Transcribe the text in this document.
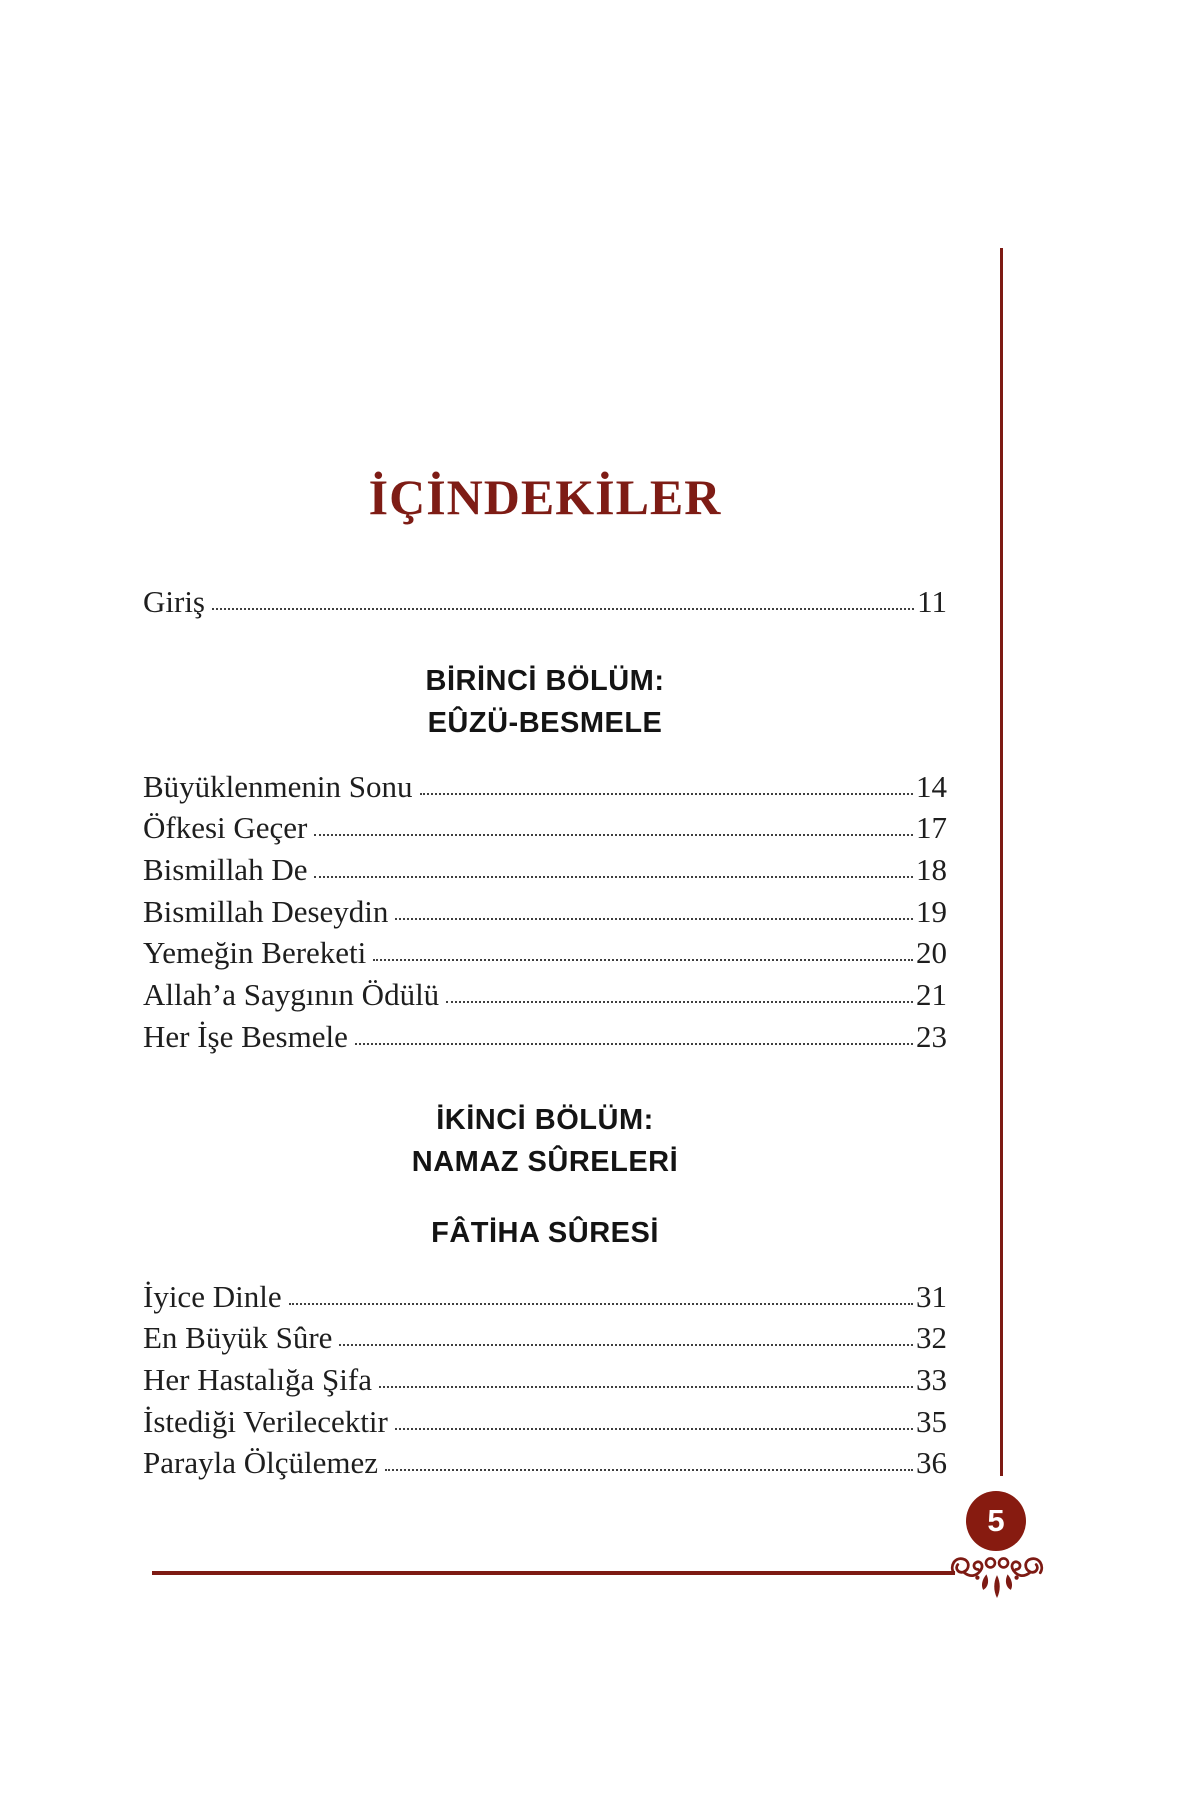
İÇİNDEKİLER
Giriş	11
BİRİNCİ BÖLÜM:
EÛZÜ-BESMELE
Büyüklenmenin Sonu	14
Öfkesi Geçer	17
Bismillah De	18
Bismillah Deseydin	19
Yemeğin Bereketi	20
Allah’a Saygının Ödülü	21
Her İşe Besmele	23
İKİNCİ BÖLÜM:
NAMAZ SÛRELERİ
FÂTİHA SÛRESİ
İyice Dinle	31
En Büyük Sûre	32
Her Hastalığa Şifa	33
İstediği Verilecektir	35
Parayla Ölçülemez	36
5
